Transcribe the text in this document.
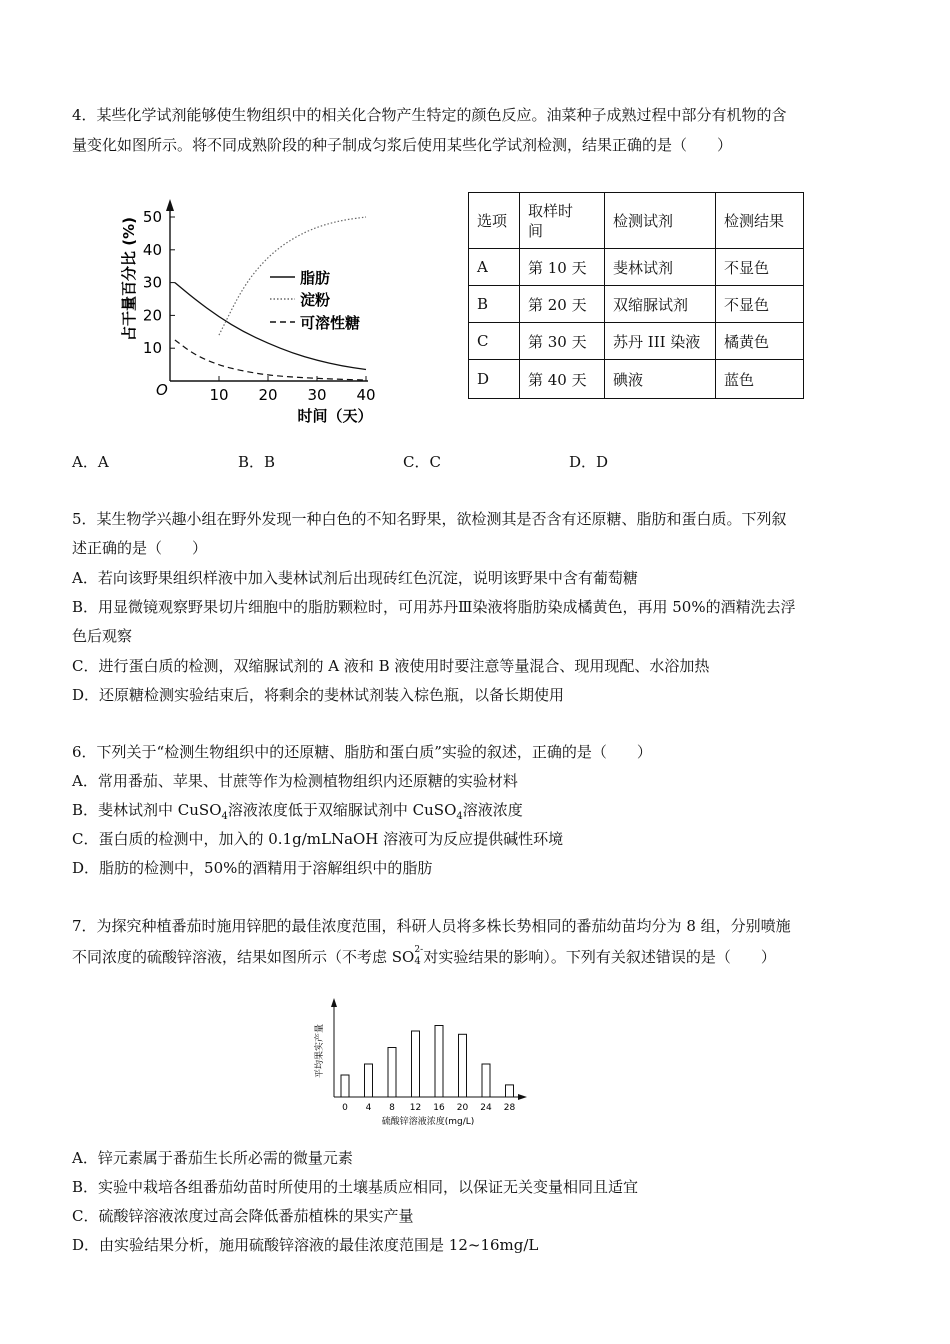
4．某些化学试剂能够使生物组织中的相关化合物产生特定的颜色反应。油菜种子成熟过程中部分有机物的含
量变化如图所示。将不同成熟阶段的种子制成匀浆后使用某些化学试剂检测，结果正确的是（　　）
10
20
30
40
50
10 20 30 40
占干量百分比 (%)
O
时间（天）
脂肪
淀粉
可溶性糖
选项	取样时
间	检测试剂	检测结果
A	第 10 天	斐林试剂	不显色
B	第 20 天	双缩脲试剂	不显色
C	第 30 天	苏丹 III 染液	橘黄色
D	第 40 天	碘液	蓝色
A．A	B．B	C．C	D．D
5．某生物学兴趣小组在野外发现一种白色的不知名野果，欲检测其是否含有还原糖、脂肪和蛋白质。下列叙
述正确的是（　　）
A．若向该野果组织样液中加入斐林试剂后出现砖红色沉淀，说明该野果中含有葡萄糖
B．用显微镜观察野果切片细胞中的脂肪颗粒时，可用苏丹Ⅲ染液将脂肪染成橘黄色，再用 50%的酒精洗去浮
色后观察
C．进行蛋白质的检测，双缩脲试剂的 A 液和 B 液使用时要注意等量混合、现用现配、水浴加热
D．还原糖检测实验结束后，将剩余的斐林试剂装入棕色瓶，以备长期使用
6．下列关于“检测生物组织中的还原糖、脂肪和蛋白质”实验的叙述，正确的是（　　）
A．常用番茄、苹果、甘蔗等作为检测植物组织内还原糖的实验材料
B．斐林试剂中 CuSO$_4$溶液浓度低于双缩脲试剂中 CuSO$_4$溶液浓度
C．蛋白质的检测中，加入的 0.1g/mLNaOH 溶液可为反应提供碱性环境
D．脂肪的检测中，50%的酒精用于溶解组织中的脂肪
7．为探究种植番茄时施用锌肥的最佳浓度范围，科研人员将多株长势相同的番茄幼苗均分为 8 组，分别喷施
不同浓度的硫酸锌溶液，结果如图所示（不考虑 SO 2-
4 对实验结果的影响）。下列有关叙述错误的是（　　）
0 4 8 12 16 20 24 28
平均果实产量
硫酸锌溶液浓度(mg/L)
A．锌元素属于番茄生长所必需的微量元素
B．实验中栽培各组番茄幼苗时所使用的土壤基质应相同，以保证无关变量相同且适宜
C．硫酸锌溶液浓度过高会降低番茄植株的果实产量
D．由实验结果分析，施用硫酸锌溶液的最佳浓度范围是 12~16mg/L
